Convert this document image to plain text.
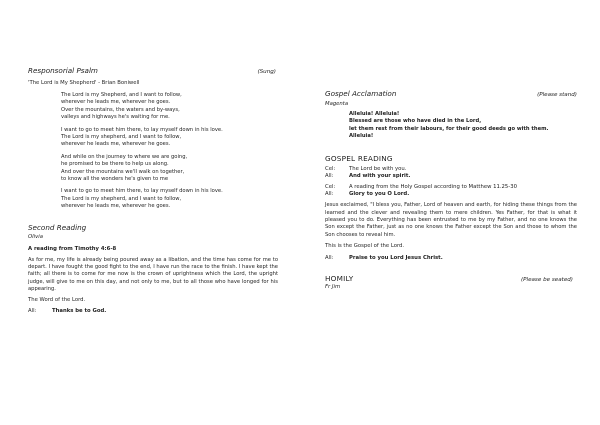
Responsorial Psalm	(Sung)
'The Lord is My Shepherd' - Brian Boniwell
The Lord is my Shepherd, and I want to follow,
wherever he leads me, wherever he goes.
Over the mountains, the waters and by-ways,
valleys and highways he's waiting for me.
I want to go to meet him there, to lay myself down in his love.
The Lord is my shepherd, and I want to follow,
wherever he leads me, wherever he goes.
And while on the journey to where we are going,
he promised to be there to help us along.
And over the mountains we'll walk on together,
to know all the wonders he's given to me
I want to go to meet him there, to lay myself down in his love.
The Lord is my shepherd, and I want to follow,
wherever he leads me, wherever he goes.
Second Reading
Olivia
A reading from Timothy 4:6-8
As for me, my life is already being poured away as a libation, and the time has come for me to depart. I have fought the good fight to the end, I have run the race to the finish. I have kept the faith; all there is to come for me now is the crown of uprightness which the Lord, the upright judge, will give to me on this day, and not only to me, but to all those who have longed for his appearing.
The Word of the Lord.
All:	Thanks be to God.
Gospel Acclamation	(Please stand)
Magenta
Alleluia! Alleluia!
Blessed are those who have died in the Lord,
let them rest from their labours, for their good deeds go with them.
Alleluia!
GOSPEL READING
Cel:	The Lord be with you.
All:	And with your spirit.
Cel:	A reading from the Holy Gospel according to Matthew 11.25-30
All:	Glory to you O Lord.
Jesus exclaimed, "I bless you, Father, Lord of heaven and earth, for hiding these things from the learned and the clever and revealing them to mere children. Yes Father, for that is what it pleased you to do. Everything has been entrusted to me by my Father, and no one knows the Son except the Father, just as no one knows the Father except the Son and those to whom the Son chooses to reveal him.
This is the Gospel of the Lord.
All:	Praise to you Lord Jesus Christ.
HOMILY	(Please be seated)
Fr Jim
